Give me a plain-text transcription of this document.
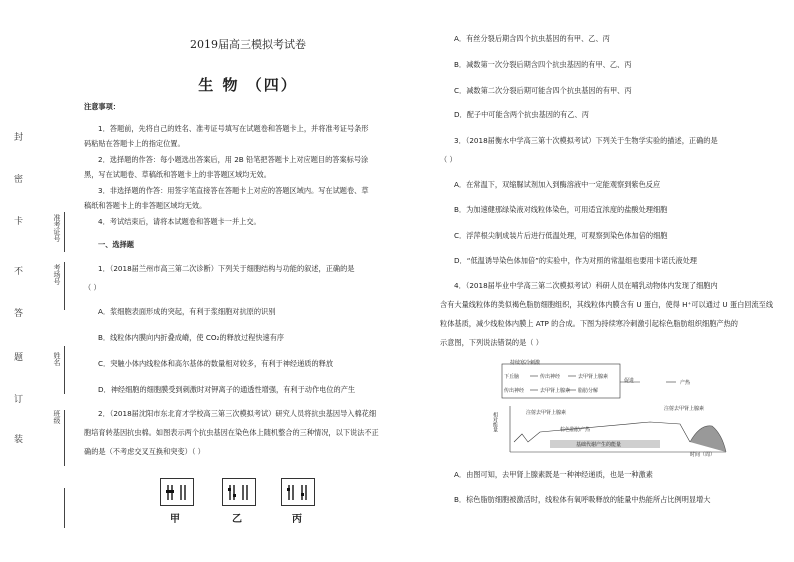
封
密
卡
不
答
题
订
装
准考证号
考场号
姓名
班级
2019届高三模拟考试卷
生 物 （四）
注意事项：
1．答题前，先将自己的姓名、准考证号填写在试题卷和答题卡上，并将准考证号条形
码粘贴在答题卡上的指定位置。
2．选择题的作答：每小题选出答案后，用 2B 铅笔把答题卡上对应题目的答案标号涂
黑，写在试题卷、草稿纸和答题卡上的非答题区域均无效。
3．非选择题的作答：用签字笔直接答在答题卡上对应的答题区域内。写在试题卷、草
稿纸和答题卡上的非答题区域均无效。
4．考试结束后，请将本试题卷和答题卡一并上交。
一、选择题
1．（2018届兰州市高三第二次诊断）下列关于细胞结构与功能的叙述，正确的是
（ ）
A．浆细胞表面形成的突起，有利于浆细胞对抗原的识别
B．线粒体内膜向内折叠成嵴，使 CO₂的释放过程快速有序
C．突触小体内线粒体和高尔基体的数量相对较多，有利于神经递质的释放
D．神经细胞的细胞膜受到刺激时对钾离子的通透性增强，有利于动作电位的产生
2．（2018届沈阳市东北育才学校高三第三次模拟考试）研究人员将抗虫基因导入棉花细
胞培育转基因抗虫棉。如图表示两个抗虫基因在染色体上随机整合的三种情况，以下说法不正
确的是（不考虑交叉互换和突变）（ ）
甲	乙	丙
A．有丝分裂后期含四个抗虫基因的有甲、乙、丙
B．减数第一次分裂后期含四个抗虫基因的有甲、乙、丙
C．减数第二次分裂后期可能含四个抗虫基因的有甲、丙
D．配子中可能含两个抗虫基因的有乙、丙
3．（2018届衡水中学高三第十次模拟考试）下列关于生物学实验的描述，正确的是
（ ）
A．在常温下，双缩脲试剂加入到酶溶液中一定能观察到紫色反应
B．为加速健那绿染液对线粒体染色，可用适宜浓度的盐酸处理细胞
C．浮萍根尖制成装片后进行低温处理，可观察到染色体加倍的细胞
D．“低温诱导染色体加倍”的实验中，作为对照的常温组也要用卡诺氏液处理
4．（2018届毕业中学高三第二次模拟考试）科研人员在哺乳动物体内发现了细胞内
含有大量线粒体的类似褐色脂肪细胞组织，其线粒体内膜含有 U 蛋白，使得 H⁺可以通过 U 蛋白回流至线
粒体基质，减少线粒体内膜上 ATP 的合成。下图为持续寒冷刺激引起棕色脂肪组织细胞产热的
示意图，下列说法错误的是（ ）
持续寒冷刺激
下丘脑	传出神经	去甲肾上腺素
促进	产热
传出神经	去甲肾上腺素 脂肪分解
相对能量	注射去甲肾上腺素
注射去甲肾上腺素
棕色脂肪产热
基础代谢产生的能量
时间（周）
A．由图可知，去甲肾上腺素既是一种神经递质，也是一种激素
B．棕色脂肪细胞被激活时，线粒体有氧呼吸释放的能量中热能所占比例明显增大
